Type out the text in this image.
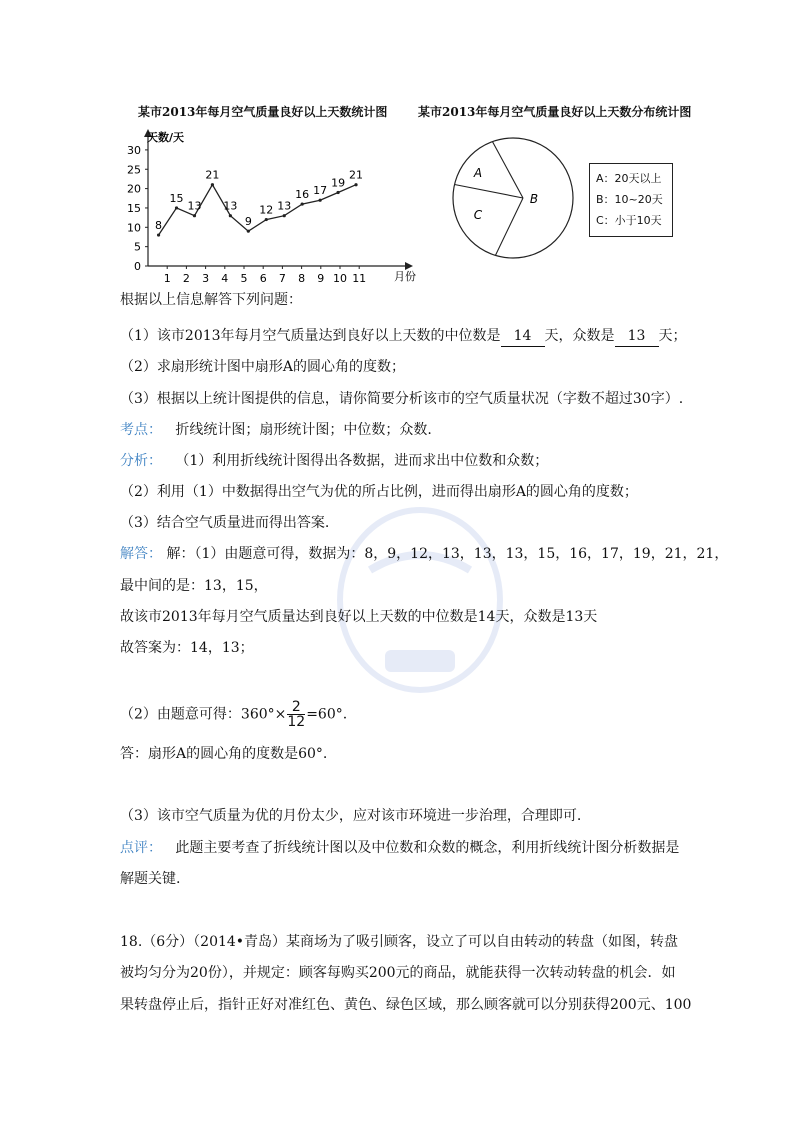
某市2013年每月空气质量良好以上天数统计图	某市2013年每月空气质量良好以上天数分布统计图
0
5
10
15
20
25
30
1 2 3 4 5 6 7 8 9 10 11
8
15
13
21
13
9
12 13
16 17
19
21
天数/天
月份
A
B
C
A：20天以上
B：10~20天
C：小于10天
根据以上信息解答下列问题：
（1）该市2013年每月空气质量达到良好以上天数的中位数是 14 天，众数是 13 天；
（2）求扇形统计图中扇形A的圆心角的度数；
（3）根据以上统计图提供的信息，请你简要分析该市的空气质量状况（字数不超过30字）.
考点： 折线统计图；扇形统计图；中位数；众数.
分析： （1）利用折线统计图得出各数据，进而求出中位数和众数；
（2）利用（1）中数据得出空气为优的所占比例，进而得出扇形A的圆心角的度数；
（3）结合空气质量进而得出答案.
解答： 解：（1）由题意可得，数据为：8，9，12，13，13，13，15，16，17，19，21，21，
最中间的是：13，15，
故该市2013年每月空气质量达到良好以上天数的中位数是14天，众数是13天
故答案为：14，13；
（2）由题意可得：$360^\circ\times \frac{2}{12} =60^\circ$.
答：扇形A的圆心角的度数是60°.
（3）该市空气质量为优的月份太少，应对该市环境进一步治理，合理即可.
点评： 此题主要考查了折线统计图以及中位数和众数的概念，利用折线统计图分析数据是
解题关键.
18.（6分）（2014•青岛）某商场为了吸引顾客，设立了可以自由转动的转盘（如图，转盘
被均匀分为20份），并规定：顾客每购买200元的商品，就能获得一次转动转盘的机会．如
果转盘停止后，指针正好对准红色、黄色、绿色区域，那么顾客就可以分别获得200元、100
